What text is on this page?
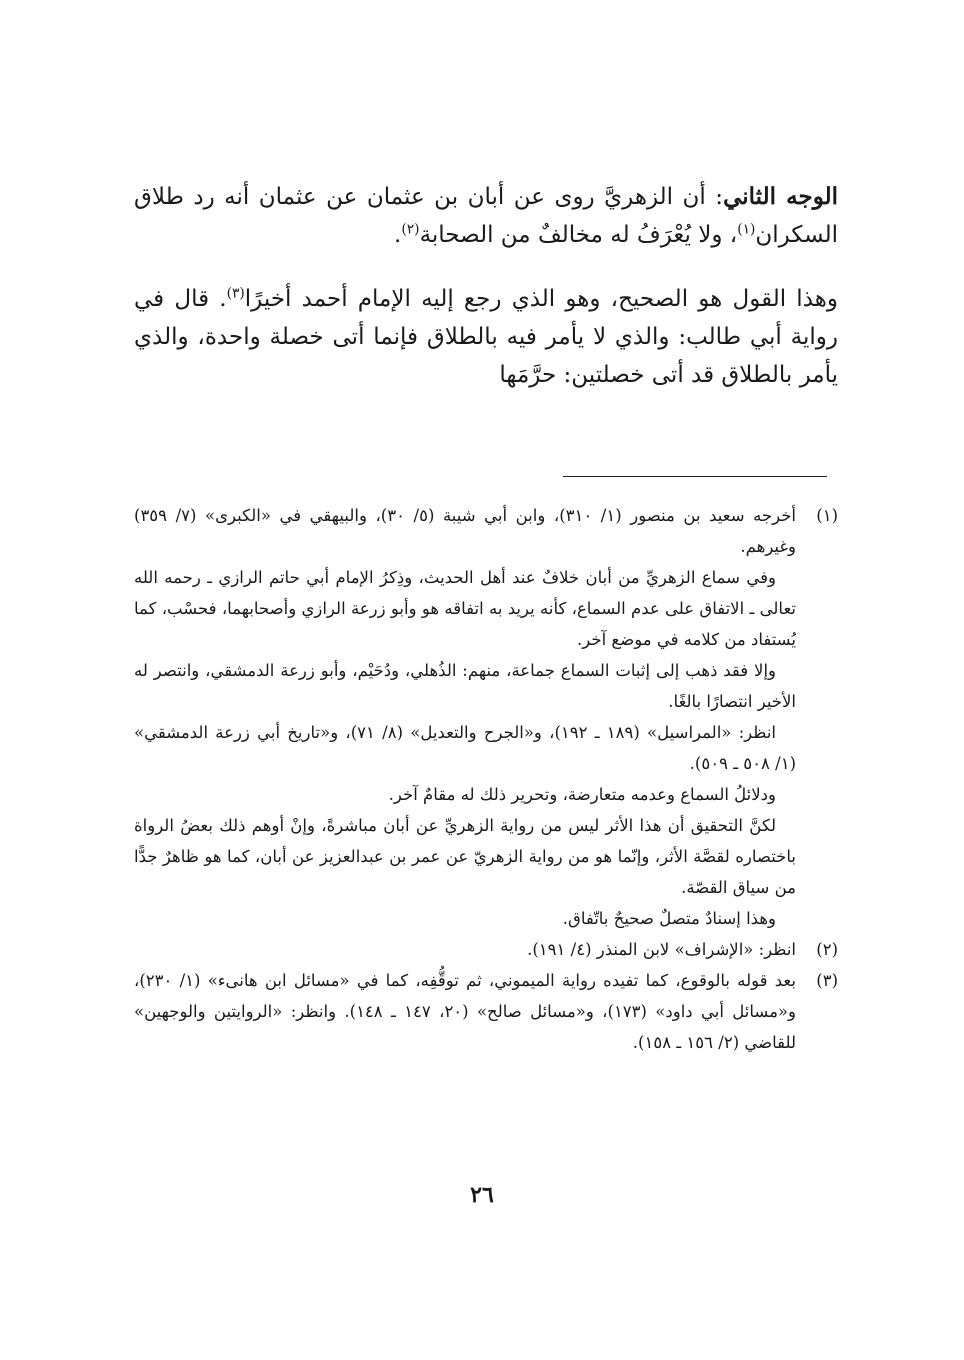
الوجه الثاني: أن الزهريَّ روى عن أبان بن عثمان عن عثمان أنه رد طلاق السكران$^{(١)}$، ولا يُعْرَفُ له مخالفٌ من الصحابة$^{(٢)}$.

وهذا القول هو الصحيح، وهو الذي رجع إليه الإمام أحمد أخيرًا$^{(٣)}$. قال في رواية أبي طالب: والذي لا يأمر فيه بالطلاق فإنما أتى خصلة واحدة، والذي يأمر بالطلاق قد أتى خصلتين: حرَّمَها

(١)

أخرجه سعيد بن منصور (١/ ٣١٠)، وابن أبي شيبة (٥/ ٣٠)، والبيهقي في «الكبرى» (٧/ ٣٥٩) وغيرهم.

وفي سماع الزهريِّ من أبان خلافٌ عند أهل الحديث، وذِكرُ الإمام أبي حاتم الرازي ـ رحمه الله تعالى ـ الاتفاق على عدم السماع، كأنه يريد به اتفاقه هو وأبو زرعة الرازي وأصحابهما، فحسْب، كما يُستفاد من كلامه في موضع آخر.

وإلا فقد ذهب إلى إثبات السماع جماعة، منهم: الذُهلي، ودُحَيْم، وأبو زرعة الدمشقي، وانتصر له الأخير انتصارًا بالغًا.

انظر: «المراسيل» (١٨٩ ـ ١٩٢)، و«الجرح والتعديل» (٨/ ٧١)، و«تاريخ أبي زرعة الدمشقي» (١/ ٥٠٨ ـ ٥٠٩).

ودلائلُ السماع وعدمه متعارضة، وتحرير ذلك له مقامٌ آخر.

لكنَّ التحقيق أن هذا الأثر ليس من رواية الزهريِّ عن أبان مباشرةً، وإنْ أوهم ذلك بعضُ الرواة باختصاره لقصَّة الأثر، وإنّما هو من رواية الزهريّ عن عمر بن عبدالعزيز عن أبان، كما هو ظاهرٌ جدًّا من سياق القصّة.

وهذا إسنادٌ متصلٌ صحيحٌ باتّفاق.

(٢)

انظر: «الإشراف» لابن المنذر (٤/ ١٩١).

(٣)

بعد قوله بالوقوع، كما تفيده رواية الميموني، ثم توقُّفِه، كما في «مسائل ابن هانىء» (١/ ٢٣٠)، و«مسائل أبي داود» (١٧٣)، و«مسائل صالح» (٢٠، ١٤٧ ـ ١٤٨). وانظر: «الروايتين والوجهين» للقاضي (٢/ ١٥٦ ـ ١٥٨).

٢٦
